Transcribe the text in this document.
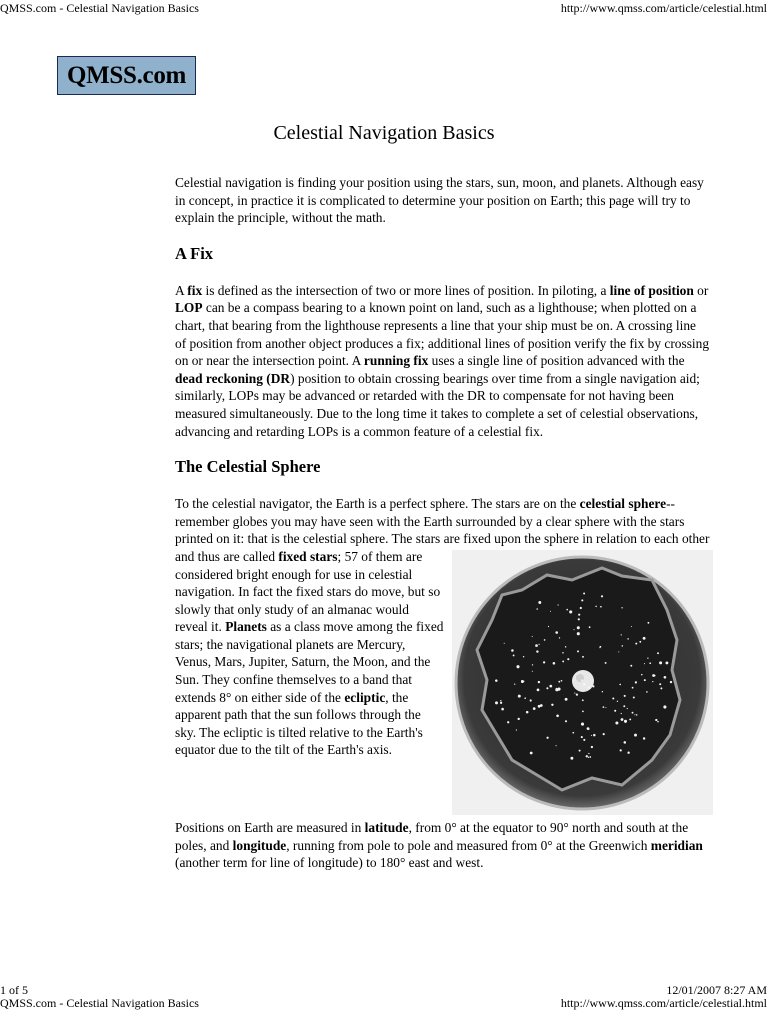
QMSS.com - Celestial Navigation Basics	http://www.qmss.com/article/celestial.html
QMSS.com
Celestial Navigation Basics

Celestial navigation is finding your position using the stars, sun, moon, and planets. Although easy in concept, in practice it is complicated to determine your position on Earth; this page will try to explain the principle, without the math.

A Fix

A fix is defined as the intersection of two or more lines of position. In piloting, a line of position or LOP can be a compass bearing to a known point on land, such as a lighthouse; when plotted on a chart, that bearing from the lighthouse represents a line that your ship must be on. A crossing line of position from another object produces a fix; additional lines of position verify the fix by crossing on or near the intersection point. A running fix uses a single line of position advanced with the dead reckoning (DR) position to obtain crossing bearings over time from a single navigation aid; similarly, LOPs may be advanced or retarded with the DR to compensate for not having been measured simultaneously. Due to the long time it takes to complete a set of celestial observations, advancing and retarding LOPs is a common feature of a celestial fix.

The Celestial Sphere

To the celestial navigator, the Earth is a perfect sphere. The stars are on the celestial sphere-- remember globes you may have seen with the Earth surrounded by a clear sphere with the stars printed on it: that is the celestial sphere. The stars are fixed upon the sphere in relation to each other and thus are called
fixed stars; 57 of them are considered bright enough for use in celestial navigation. In fact the fixed stars do move, but so slowly that only study of an almanac would reveal it. Planets as a class move among the fixed stars; the navigational planets are Mercury, Venus, Mars, Jupiter, Saturn, the Moon, and the Sun. They confine themselves to a band that extends 8° on either side of the ecliptic, the apparent path that the sun follows through the sky. The ecliptic is tilted relative to the Earth's equator due to the tilt of the Earth's axis.

Positions on Earth are measured in latitude, from 0° at the equator to 90° north and south at the poles, and longitude, running from pole to pole and measured from 0° at the Greenwich meridian (another term for line of longitude) to 180° east and west.

1 of 5	12/01/2007 8:27 AM
QMSS.com - Celestial Navigation Basics	http://www.qmss.com/article/celestial.html
